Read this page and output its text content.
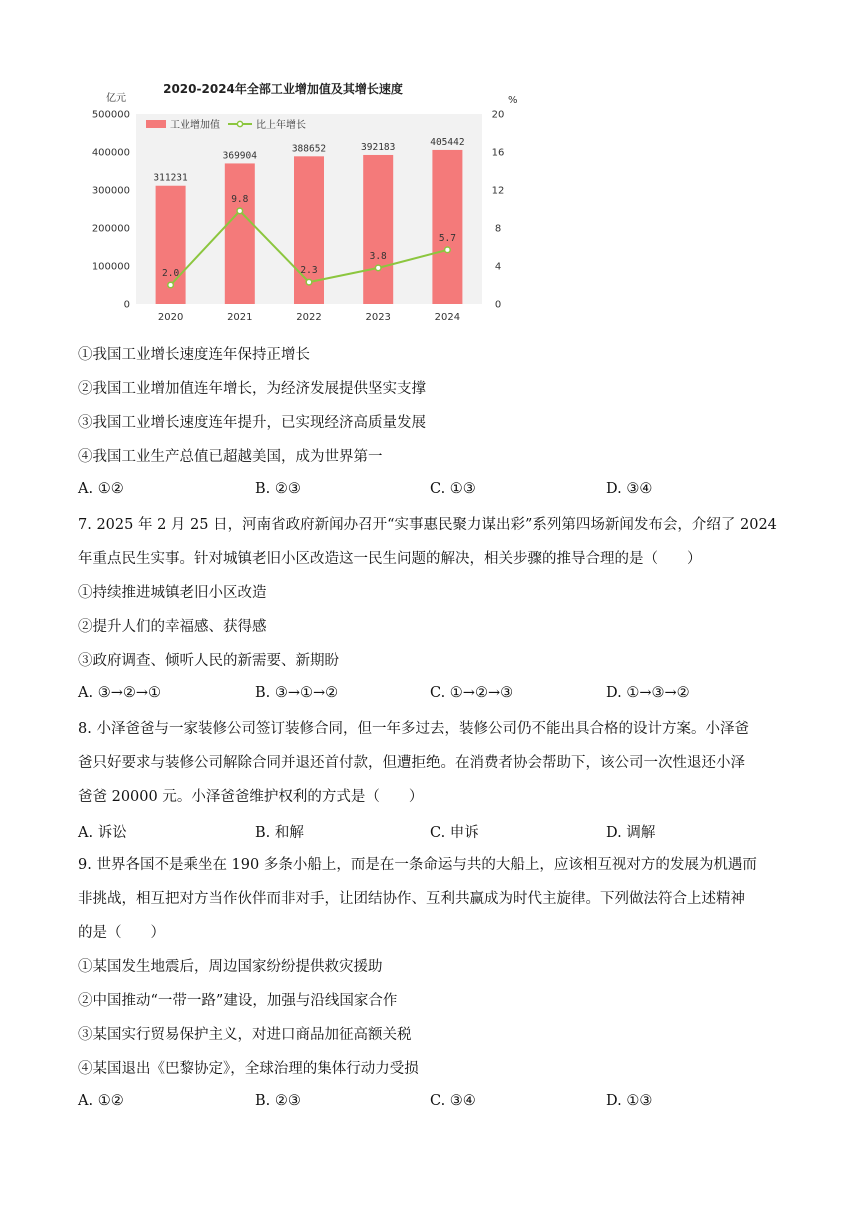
2020-2024年全部工业增加值及其增长速度
亿元	%
工业增加值	比上年增长
0
100000
200000
300000
400000
500000
0
4
8
12
16
20
311231
369904
388652	392183	405442
2.0
9.8
2.3
3.8
5.7
2020	2021	2022	2023	2024
①我国工业增长速度连年保持正增长
②我国工业增加值连年增长，为经济发展提供坚实支撑
③我国工业增长速度连年提升，已实现经济高质量发展
④我国工业生产总值已超越美国，成为世界第一
A. ①②	B. ②③	C. ①③	D. ③④
7. 2025 年 2 月 25 日，河南省政府新闻办召开“实事惠民聚力谋出彩”系列第四场新闻发布会，介绍了 2024
年重点民生实事。针对城镇老旧小区改造这一民生问题的解决，相关步骤的推导合理的是（　　）
①持续推进城镇老旧小区改造
②提升人们的幸福感、获得感
③政府调查、倾听人民的新需要、新期盼
A. ③→②→①	B. ③→①→②	C. ①→②→③	D. ①→③→②
8. 小泽爸爸与一家装修公司签订装修合同，但一年多过去，装修公司仍不能出具合格的设计方案。小泽爸
爸只好要求与装修公司解除合同并退还首付款，但遭拒绝。在消费者协会帮助下，该公司一次性退还小泽
爸爸 20000 元。小泽爸爸维护权利的方式是（　　）
A. 诉讼	B. 和解	C. 申诉	D. 调解
9. 世界各国不是乘坐在 190 多条小船上，而是在一条命运与共的大船上，应该相互视对方的发展为机遇而
非挑战，相互把对方当作伙伴而非对手，让团结协作、互利共赢成为时代主旋律。下列做法符合上述精神
的是（　　）
①某国发生地震后，周边国家纷纷提供救灾援助
②中国推动“一带一路”建设，加强与沿线国家合作
③某国实行贸易保护主义，对进口商品加征高额关税
④某国退出《巴黎协定》，全球治理的集体行动力受损
A. ①②	B. ②③	C. ③④	D. ①③
